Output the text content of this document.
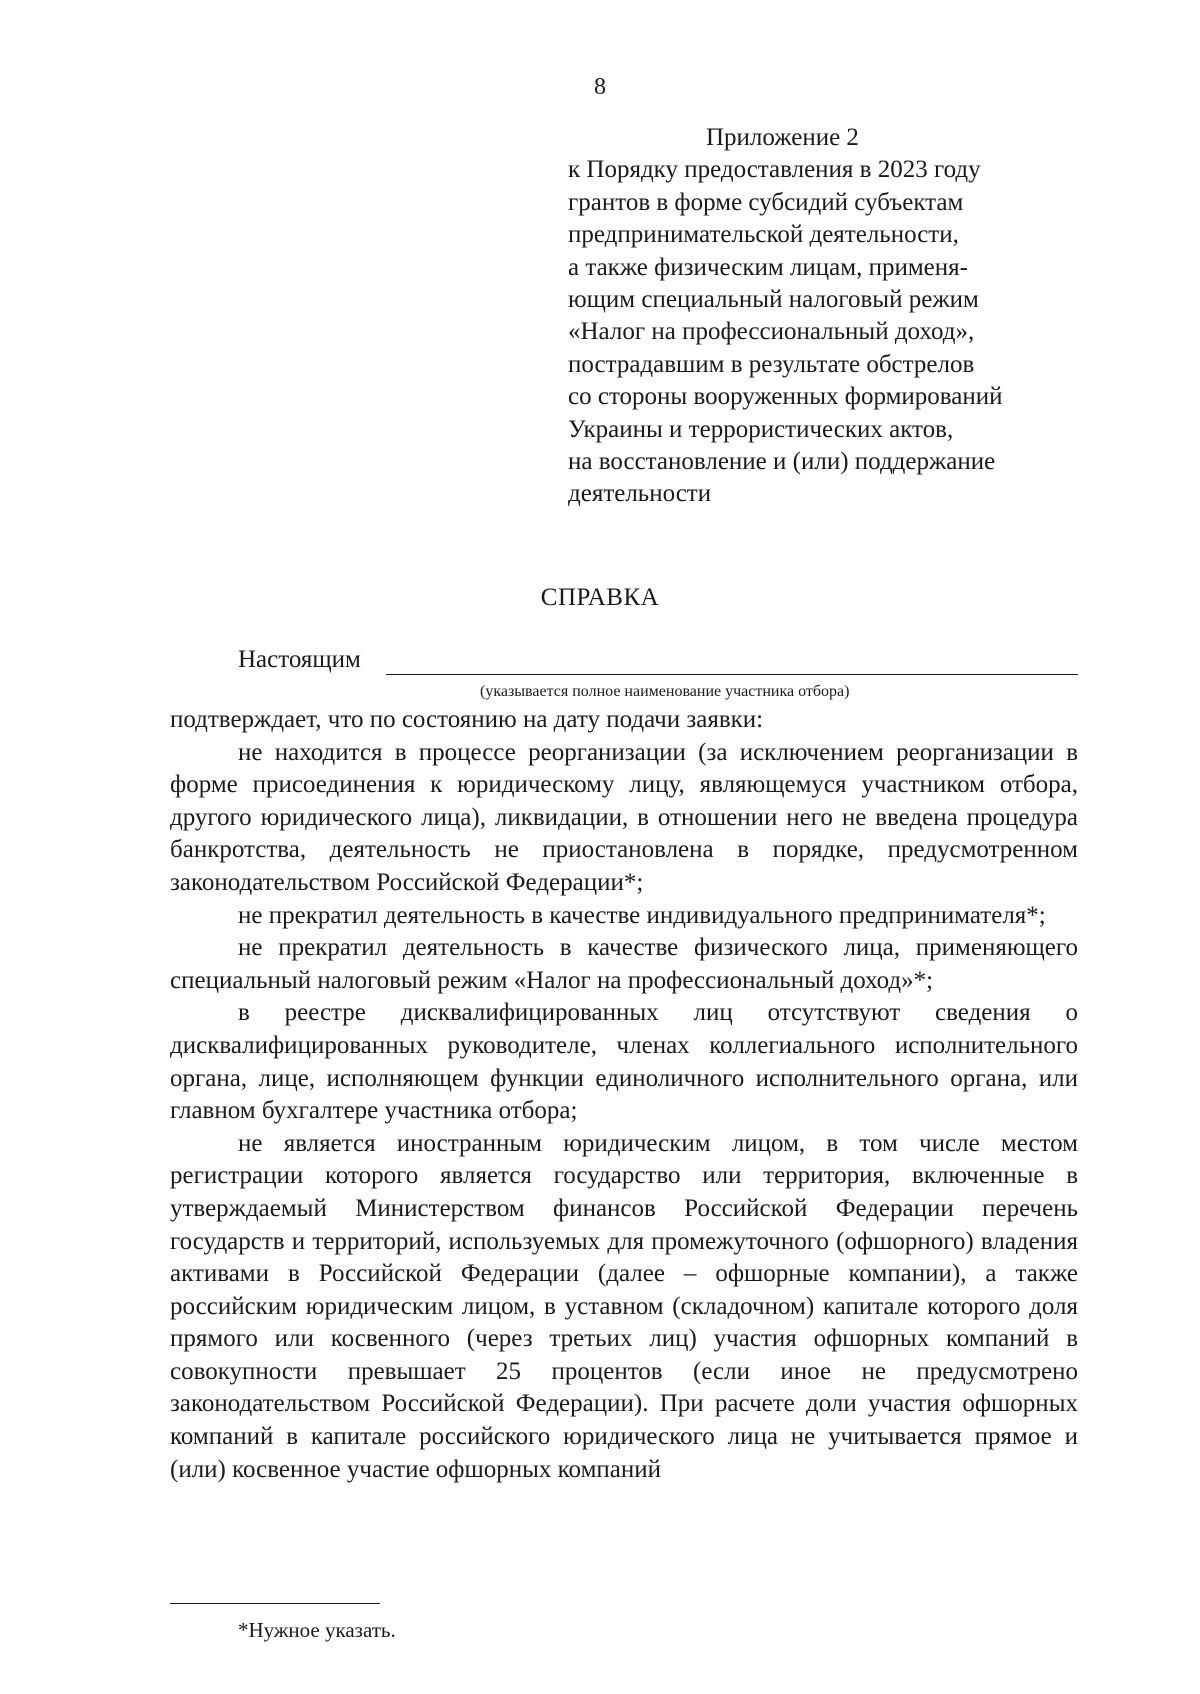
8
Приложение 2
к Порядку предоставления в 2023 году
грантов в форме субсидий субъектам
предпринимательской деятельности,
а также физическим лицам, применя-
ющим специальный налоговый режим
«Налог на профессиональный доход»,
пострадавшим в результате обстрелов
со стороны вооруженных формирований
Украины и террористических актов,
на восстановление и (или) поддержание
деятельности
СПРАВКА
Настоящим
(указывается полное наименование участника отбора)

подтверждает, что по состоянию на дату подачи заявки:

не находится в процессе реорганизации (за исключением реорганизации в форме присоединения к юридическому лицу, являющемуся участником отбора, другого юридического лица), ликвидации, в отношении него не введена процедура банкротства, деятельность не приостановлена в порядке, предусмотренном законодательством Российской Федерации*;

не прекратил деятельность в качестве индивидуального предпринимателя*;

не прекратил деятельность в качестве физического лица, применяющего специальный налоговый режим «Налог на профессиональный доход»*;

в реестре дисквалифицированных лиц отсутствуют сведения о дисквалифицированных руководителе, членах коллегиального исполнительного органа, лице, исполняющем функции единоличного исполнительного органа, или главном бухгалтере участника отбора;

не является иностранным юридическим лицом, в том числе местом регистрации которого является государство или территория, включенные в утверждаемый Министерством финансов Российской Федерации перечень государств и территорий, используемых для промежуточного (офшорного) владения активами в Российской Федерации (далее – офшорные компании), а также российским юридическим лицом, в уставном (складочном) капитале которого доля прямого или косвенного (через третьих лиц) участия офшорных компаний в совокупности превышает 25 процентов (если иное не предусмотрено законодательством Российской Федерации). При расчете доли участия офшорных компаний в капитале российского юридического лица не учитывается прямое и (или) косвенное участие офшорных компаний

*Нужное указать.
